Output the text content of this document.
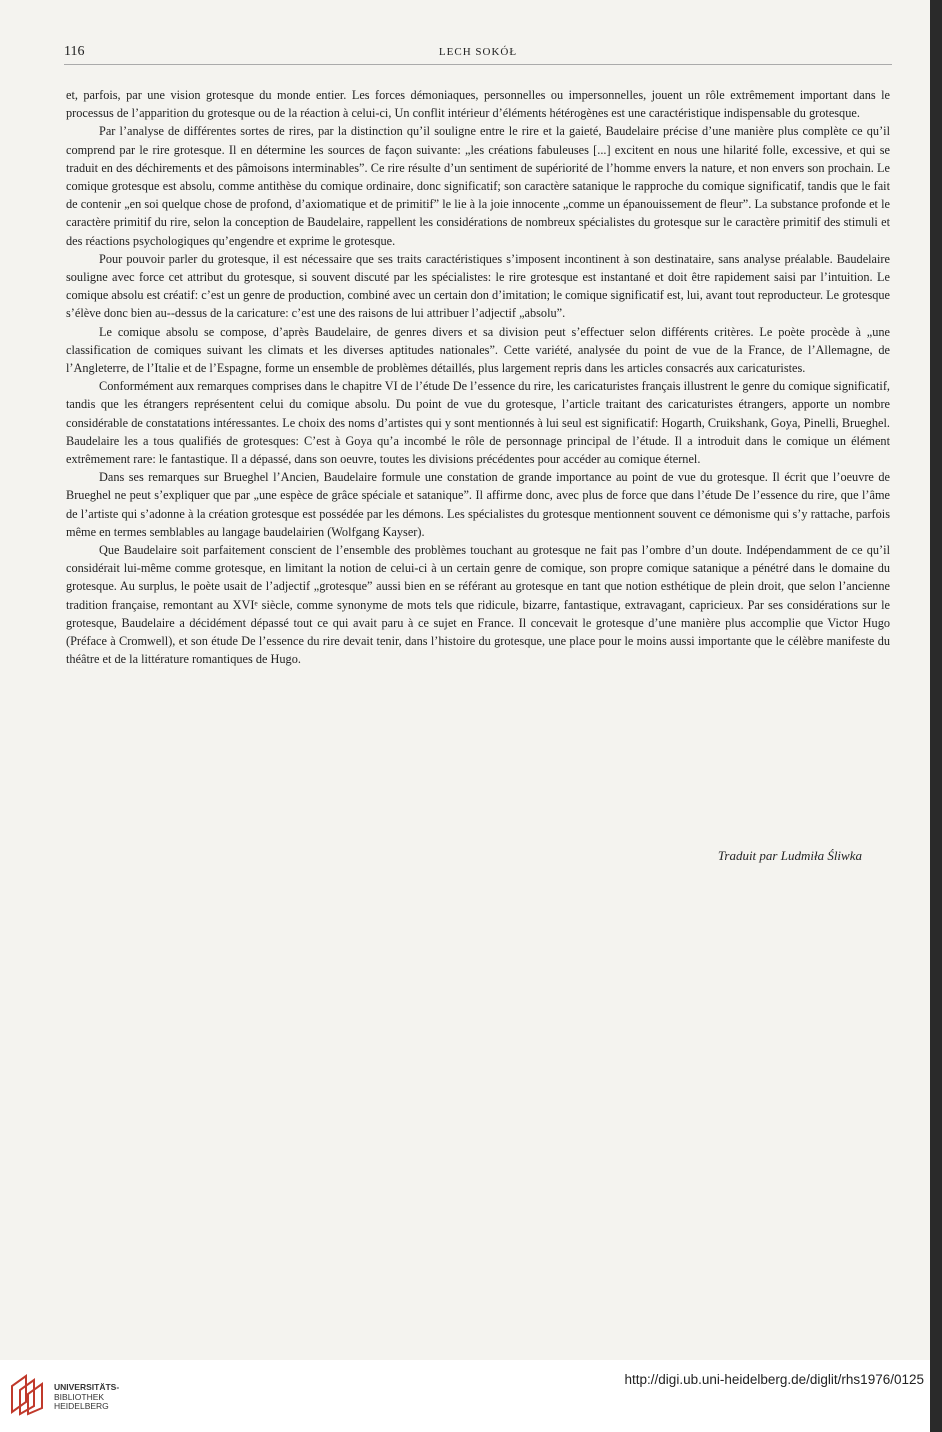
116	LECH SOKÓŁ

et, parfois, par une vision grotesque du monde entier. Les forces démoniaques, personnelles ou impersonnelles, jouent un rôle extrêmement important dans le processus de l’apparition du grotesque ou de la réaction à celui-ci, Un conflit intérieur d’éléments hétérogènes est une caractéristique indispensable du grotesque.

Par l’analyse de différentes sortes de rires, par la distinction qu’il souligne entre le rire et la gaieté, Baudelaire précise d’une manière plus complète ce qu’il comprend par le rire grotesque. Il en détermine les sources de façon suivante: „les créations fabuleuses [...] excitent en nous une hilarité folle, excessive, et qui se traduit en des déchirements et des pâmoisons interminables”. Ce rire résulte d’un sentiment de supériorité de l’homme envers la nature, et non envers son prochain. Le comique grotesque est absolu, comme antithèse du comique ordinaire, donc significatif; son caractère satanique le rapproche du comique significatif, tandis que le fait de contenir „en soi quelque chose de profond, d’axiomatique et de primitif” le lie à la joie innocente „comme un épanouissement de fleur”. La substance profonde et le caractère primitif du rire, selon la conception de Baudelaire, rappellent les considérations de nombreux spécialistes du grotesque sur le caractère primitif des stimuli et des réactions psychologiques qu’engendre et exprime le grotesque.

Pour pouvoir parler du grotesque, il est nécessaire que ses traits caractéristiques s’imposent incontinent à son destinataire, sans analyse préalable. Baudelaire souligne avec force cet attribut du grotesque, si souvent discuté par les spécialistes: le rire grotesque est instantané et doit être rapidement saisi par l’intuition. Le comique absolu est créatif: c’est un genre de production, combiné avec un certain don d’imitation; le comique significatif est, lui, avant tout reproducteur. Le grotesque s’élève donc bien au--dessus de la caricature: c’est une des raisons de lui attribuer l’adjectif „absolu”.

Le comique absolu se compose, d’après Baudelaire, de genres divers et sa division peut s’effectuer selon différents critères. Le poète procède à „une classification de comiques suivant les climats et les diverses aptitudes nationales”. Cette variété, analysée du point de vue de la France, de l’Allemagne, de l’Angleterre, de l’Italie et de l’Espagne, forme un ensemble de problèmes détaillés, plus largement repris dans les articles consacrés aux caricaturistes.

Conformément aux remarques comprises dans le chapitre VI de l’étude De l’essence du rire, les caricaturistes français illustrent le genre du comique significatif, tandis que les étrangers représentent celui du comique absolu. Du point de vue du grotesque, l’article traitant des caricaturistes étrangers, apporte un nombre considérable de constatations intéressantes. Le choix des noms d’artistes qui y sont mentionnés à lui seul est significatif: Hogarth, Cruikshank, Goya, Pinelli, Brueghel. Baudelaire les a tous qualifiés de grotesques: C’est à Goya qu’a incombé le rôle de personnage principal de l’étude. Il a introduit dans le comique un élément extrêmement rare: le fantastique. Il a dépassé, dans son oeuvre, toutes les divisions précédentes pour accéder au comique éternel.

Dans ses remarques sur Brueghel l’Ancien, Baudelaire formule une constation de grande importance au point de vue du grotesque. Il écrit que l’oeuvre de Brueghel ne peut s’expliquer que par „une espèce de grâce spéciale et satanique”. Il affirme donc, avec plus de force que dans l’étude De l’essence du rire, que l’âme de l’artiste qui s’adonne à la création grotesque est possédée par les démons. Les spécialistes du grotesque mentionnent souvent ce démonisme qui s’y rattache, parfois même en termes semblables au langage baudelairien (Wolfgang Kayser).

Que Baudelaire soit parfaitement conscient de l’ensemble des problèmes touchant au grotesque ne fait pas l’ombre d’un doute. Indépendamment de ce qu’il considérait lui-même comme grotesque, en limitant la notion de celui-ci à un certain genre de comique, son propre comique satanique a pénétré dans le domaine du grotesque. Au surplus, le poète usait de l’adjectif „grotesque” aussi bien en se référant au grotesque en tant que notion esthétique de plein droit, que selon l’ancienne tradition française, remontant au XVIᵉ siècle, comme synonyme de mots tels que ridicule, bizarre, fantastique, extravagant, capricieux. Par ses considérations sur le grotesque, Baudelaire a décidément dépassé tout ce qui avait paru à ce sujet en France. Il concevait le grotesque d’une manière plus accomplie que Victor Hugo (Préface à Cromwell), et son étude De l’essence du rire devait tenir, dans l’histoire du grotesque, une place pour le moins aussi importante que le célèbre manifeste du théâtre et de la littérature romantiques de Hugo.

Traduit par Ludmiła Śliwka
UNIVERSITÄTS-
BIBLIOTHEK
HEIDELBERG
http://digi.ub.uni-heidelberg.de/diglit/rhs1976/0125
